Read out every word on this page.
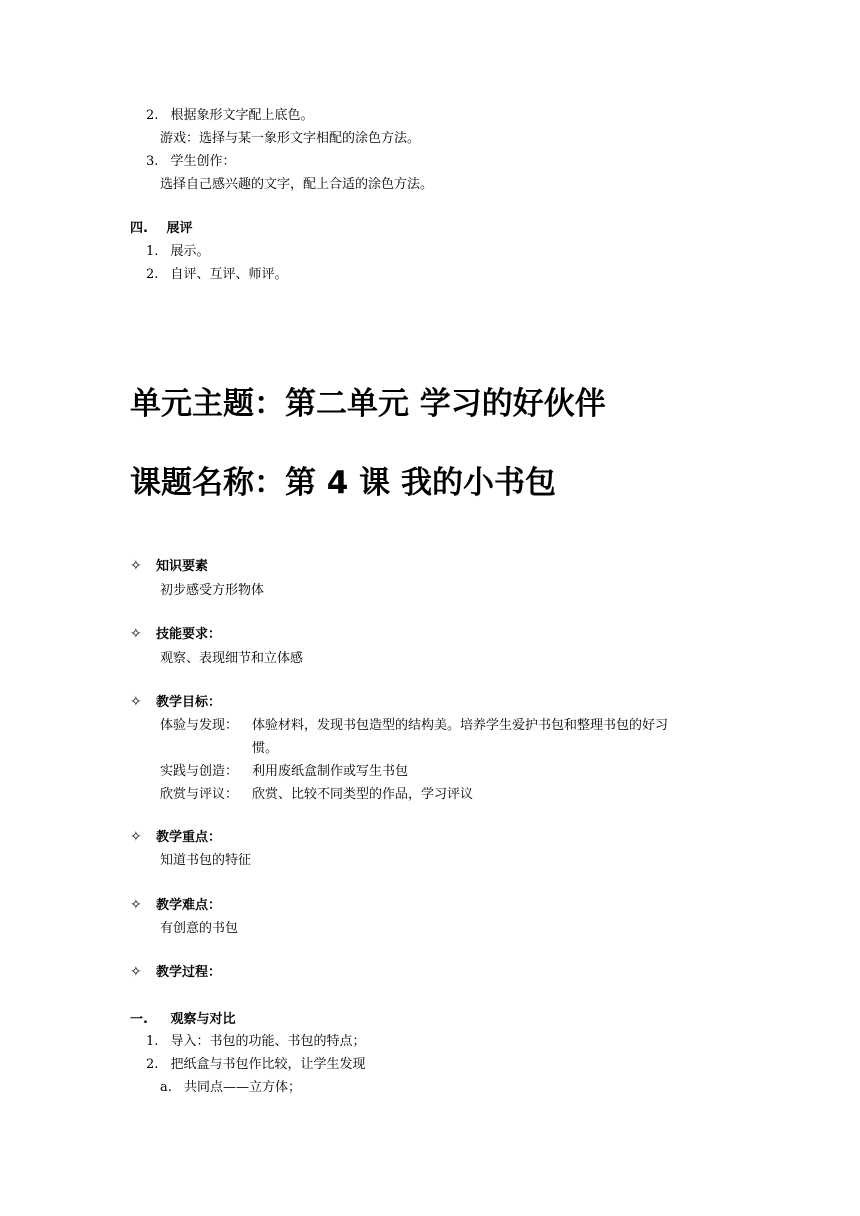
2. 根据象形文字配上底色。
游戏：选择与某一象形文字相配的涂色方法。
3. 学生创作：
选择自己感兴趣的文字，配上合适的涂色方法。
四. 展评
1. 展示。
2. 自评、互评、师评。
单元主题：第二单元 学习的好伙伴
课题名称：第 4 课 我的小书包
✧ 知识要素
初步感受方形物体
✧ 技能要求：
观察、表现细节和立体感
✧ 教学目标：
体验与发现： 体验材料，发现书包造型的结构美。培养学生爱护书包和整理书包的好习
惯。
实践与创造： 利用废纸盒制作或写生书包
欣赏与评议： 欣赏、比较不同类型的作品，学习评议
✧ 教学重点：
知道书包的特征
✧ 教学难点：
有创意的书包
✧ 教学过程：
一. 观察与对比
1. 导入：书包的功能、书包的特点；
2. 把纸盒与书包作比较，让学生发现
a. 共同点——立方体；
